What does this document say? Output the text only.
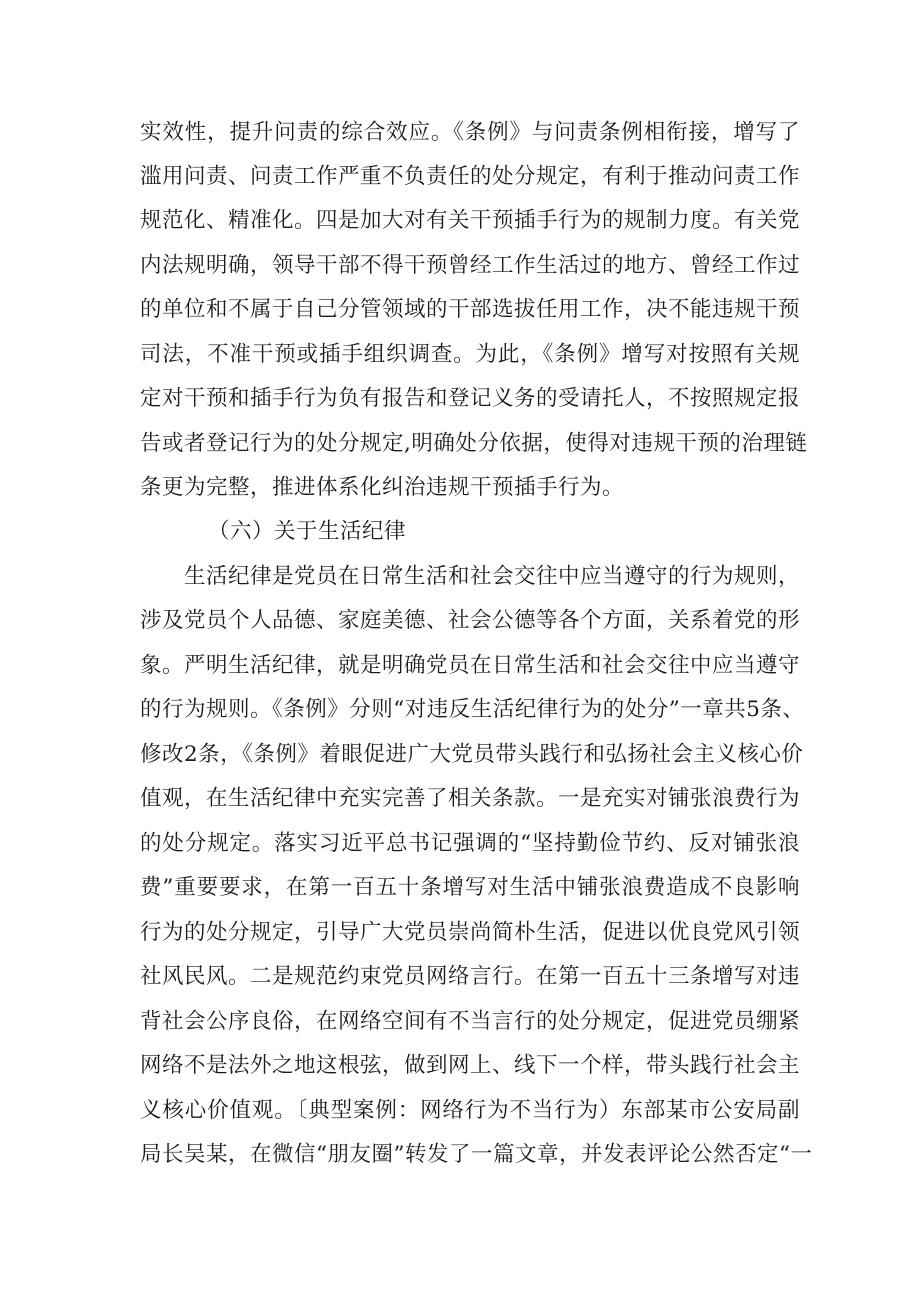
实效性，提升问责的综合效应。《条例》与问责条例相衔接，增写了
滥用问责、问责工作严重不负责任的处分规定，有利于推动问责工作
规范化、精准化。四是加大对有关干预插手行为的规制力度。有关党
内法规明确，领导干部不得干预曾经工作生活过的地方、曾经工作过
的单位和不属于自己分管领域的干部选拔任用工作，决不能违规干预
司法，不准干预或插手组织调查。为此，《条例》增写对按照有关规
定对干预和插手行为负有报告和登记义务的受请托人，不按照规定报
告或者登记行为的处分规定,明确处分依据，使得对违规干预的治理链
条更为完整，推进体系化纠治违规干预插手行为。
（六）关于生活纪律
生活纪律是党员在日常生活和社会交往中应当遵守的行为规则，
涉及党员个人品德、家庭美德、社会公德等各个方面，关系着党的形
象。严明生活纪律，就是明确党员在日常生活和社会交往中应当遵守
的行为规则。《条例》分则“对违反生活纪律行为的处分”一章共5条、
修改2条，《条例》着眼促进广大党员带头践行和弘扬社会主义核心价
值观，在生活纪律中充实完善了相关条款。一是充实对铺张浪费行为
的处分规定。落实习近平总书记强调的“坚持勤俭节约、反对铺张浪
费”重要要求，在第一百五十条增写对生活中铺张浪费造成不良影响
行为的处分规定，引导广大党员崇尚简朴生活，促进以优良党风引领
社风民风。二是规范约束党员网络言行。在第一百五十三条增写对违
背社会公序良俗，在网络空间有不当言行的处分规定，促进党员绷紧
网络不是法外之地这根弦，做到网上、线下一个样，带头践行社会主
义核心价值观。〔典型案例：网络行为不当行为）东部某市公安局副
局长吴某，在微信“朋友圈”转发了一篇文章，并发表评论公然否定“一
